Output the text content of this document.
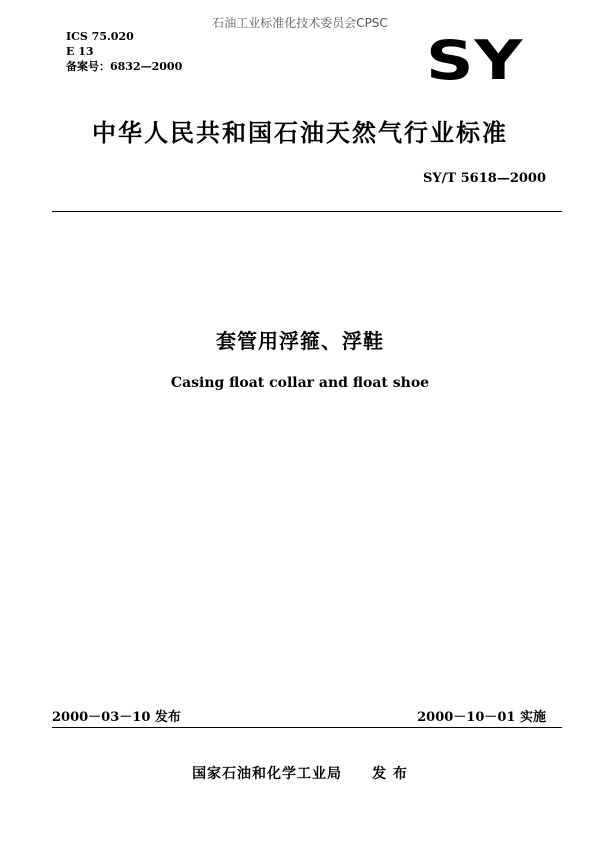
石油工业标准化技术委员会CPSC
ICS 75.020
E 13
备案号：6832—2000	SY
中华人民共和国石油天然气行业标准
SY/T 5618—2000
套管用浮箍、浮鞋
Casing float collar and float shoe
2000－03－10 发布	2000－10－01 实施
国家石油和化学工业局 发 布
